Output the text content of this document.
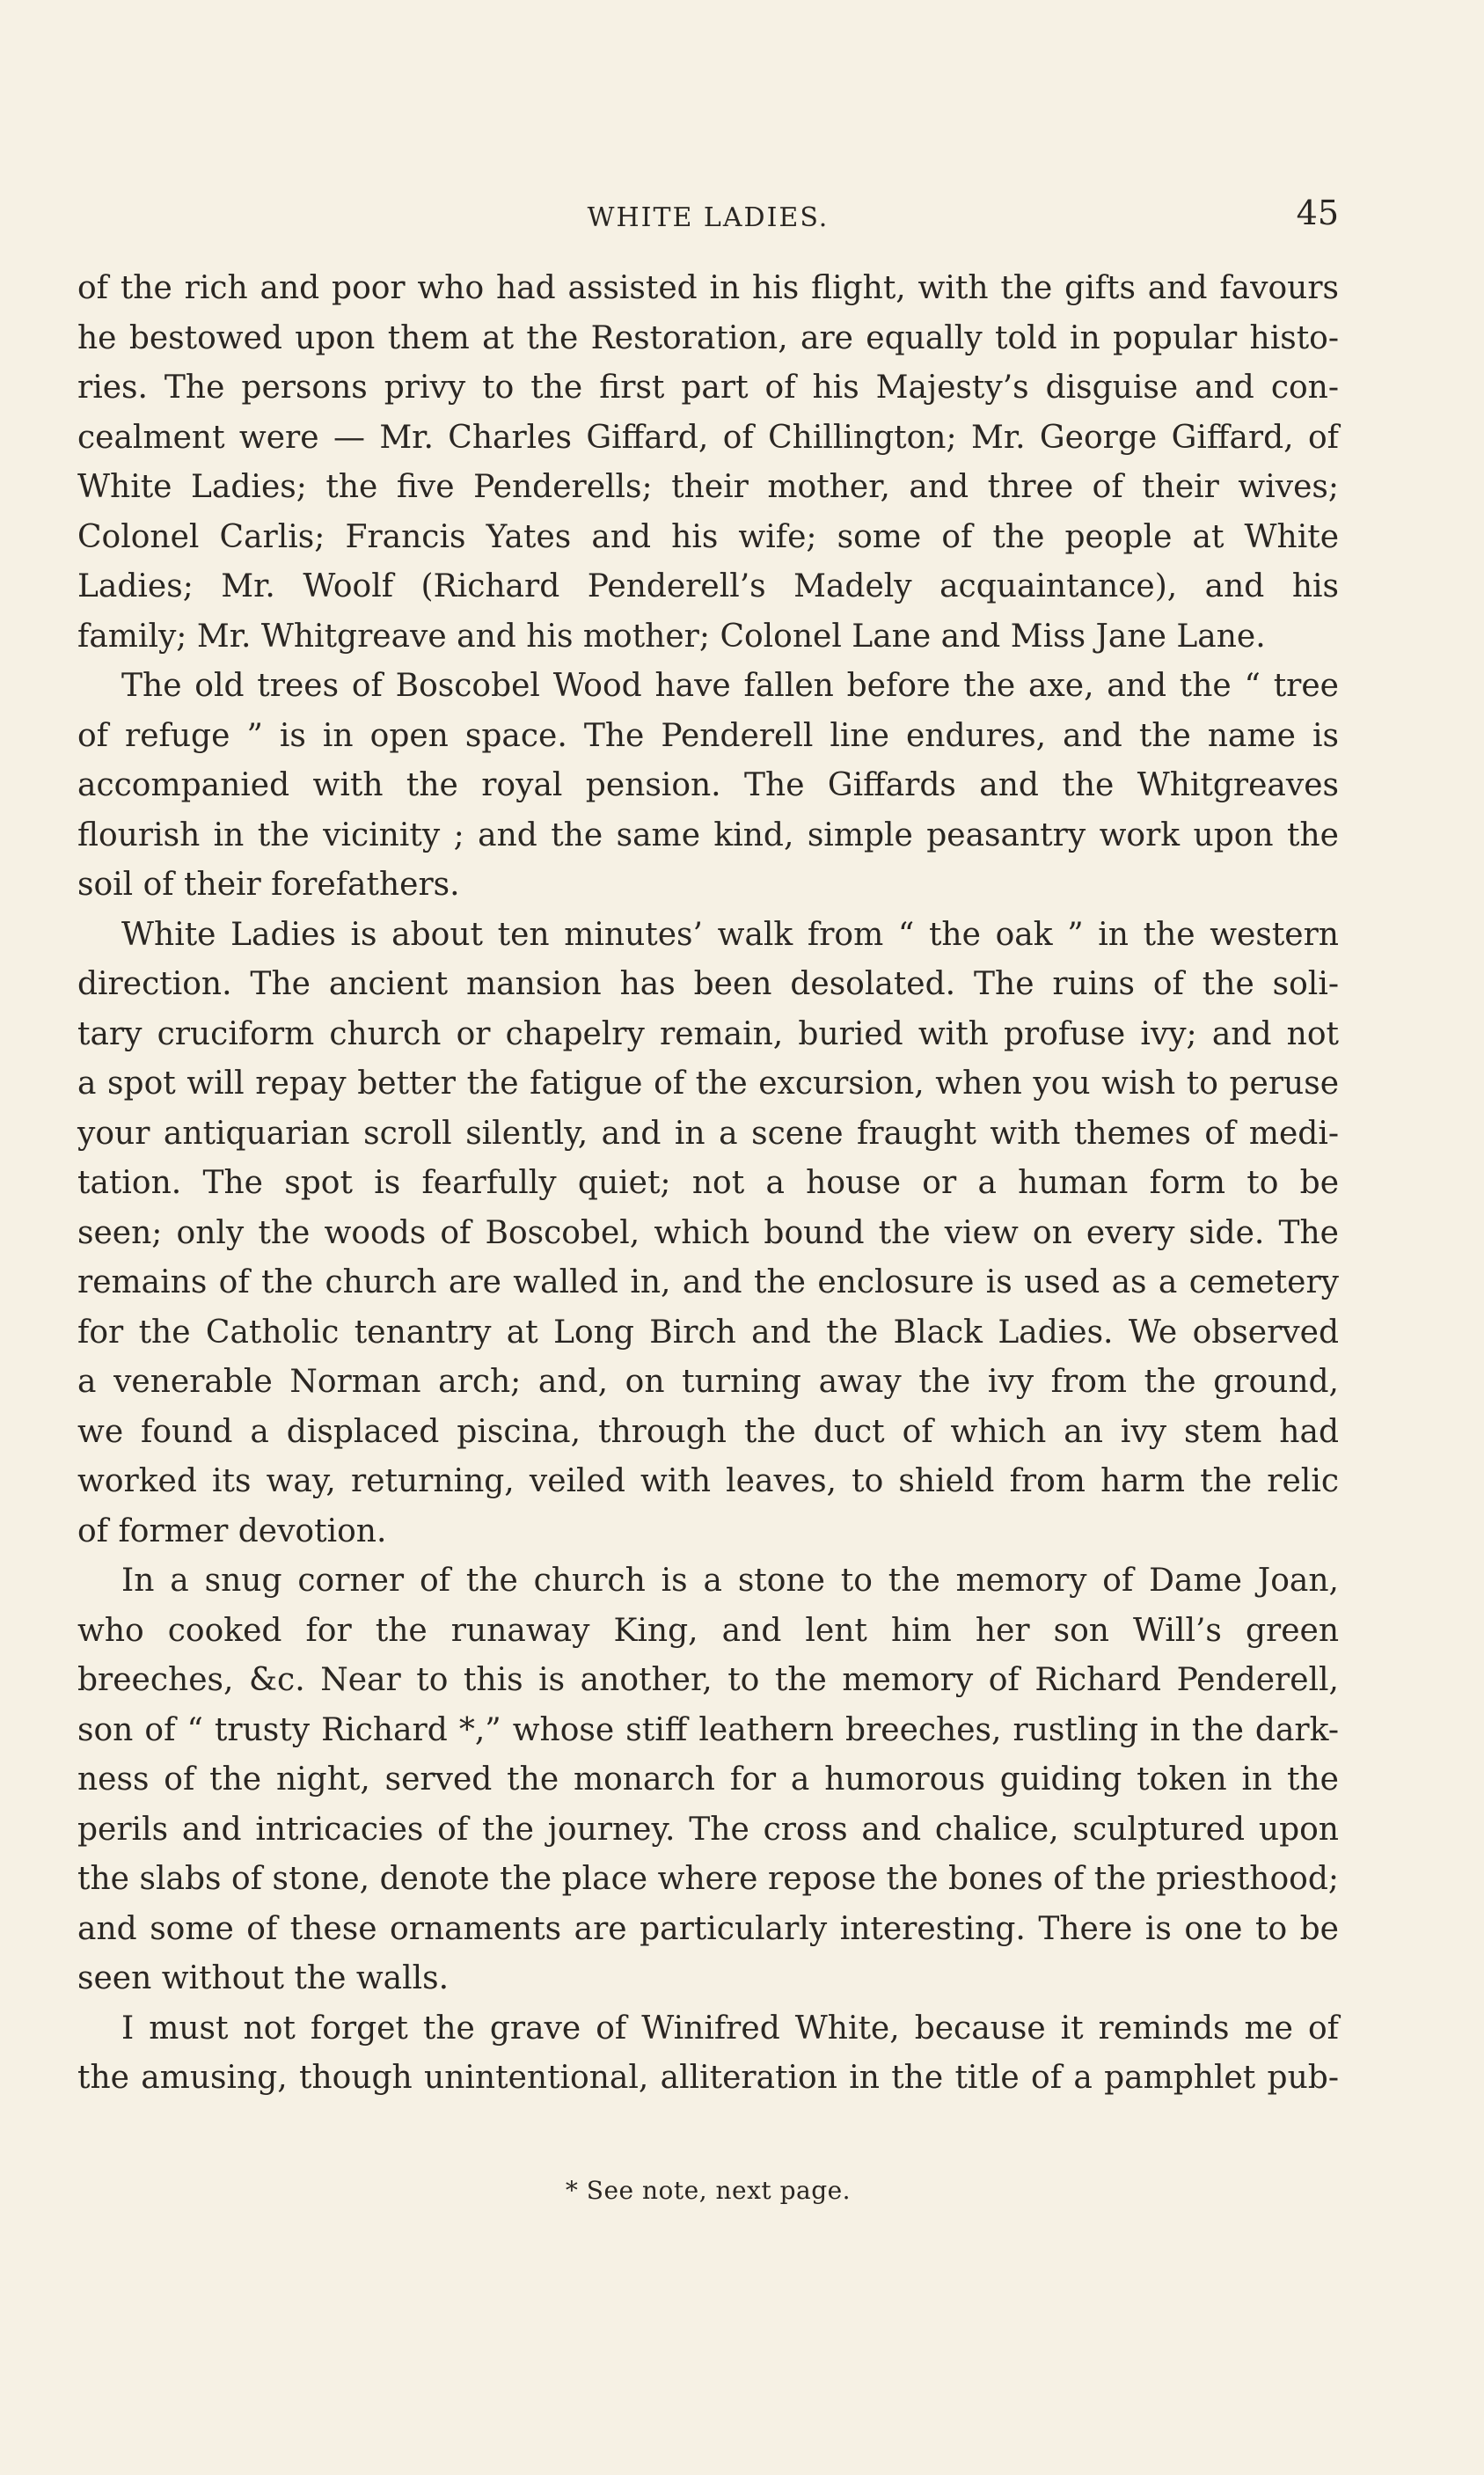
WHITE LADIES.	45
of the rich and poor who had assisted in his flight, with the gifts and favours
he bestowed upon them at the Restoration, are equally told in popular histo-
ries. The persons privy to the first part of his Majesty’s disguise and con-
cealment were — Mr. Charles Giffard, of Chillington; Mr. George Giffard, of
White Ladies; the five Penderells; their mother, and three of their wives;
Colonel Carlis; Francis Yates and his wife; some of the people at White
Ladies; Mr. Woolf (Richard Penderell’s Madely acquaintance), and his
family; Mr. Whitgreave and his mother; Colonel Lane and Miss Jane Lane.
The old trees of Boscobel Wood have fallen before the axe, and the “ tree
of refuge ” is in open space. The Penderell line endures, and the name is
accompanied with the royal pension. The Giffards and the Whitgreaves
flourish in the vicinity ; and the same kind, simple peasantry work upon the
soil of their forefathers.
White Ladies is about ten minutes’ walk from “ the oak ” in the western
direction. The ancient mansion has been desolated. The ruins of the soli-
tary cruciform church or chapelry remain, buried with profuse ivy; and not
a spot will repay better the fatigue of the excursion, when you wish to peruse
your antiquarian scroll silently, and in a scene fraught with themes of medi-
tation. The spot is fearfully quiet; not a house or a human form to be
seen; only the woods of Boscobel, which bound the view on every side. The
remains of the church are walled in, and the enclosure is used as a cemetery
for the Catholic tenantry at Long Birch and the Black Ladies. We observed
a venerable Norman arch; and, on turning away the ivy from the ground,
we found a displaced piscina, through the duct of which an ivy stem had
worked its way, returning, veiled with leaves, to shield from harm the relic
of former devotion.
In a snug corner of the church is a stone to the memory of Dame Joan,
who cooked for the runaway King, and lent him her son Will’s green
breeches, &c. Near to this is another, to the memory of Richard Penderell,
son of “ trusty Richard *,” whose stiff leathern breeches, rustling in the dark-
ness of the night, served the monarch for a humorous guiding token in the
perils and intricacies of the journey. The cross and chalice, sculptured upon
the slabs of stone, denote the place where repose the bones of the priesthood;
and some of these ornaments are particularly interesting. There is one to be
seen without the walls.
I must not forget the grave of Winifred White, because it reminds me of
the amusing, though unintentional, alliteration in the title of a pamphlet pub-
* See note, next page.
